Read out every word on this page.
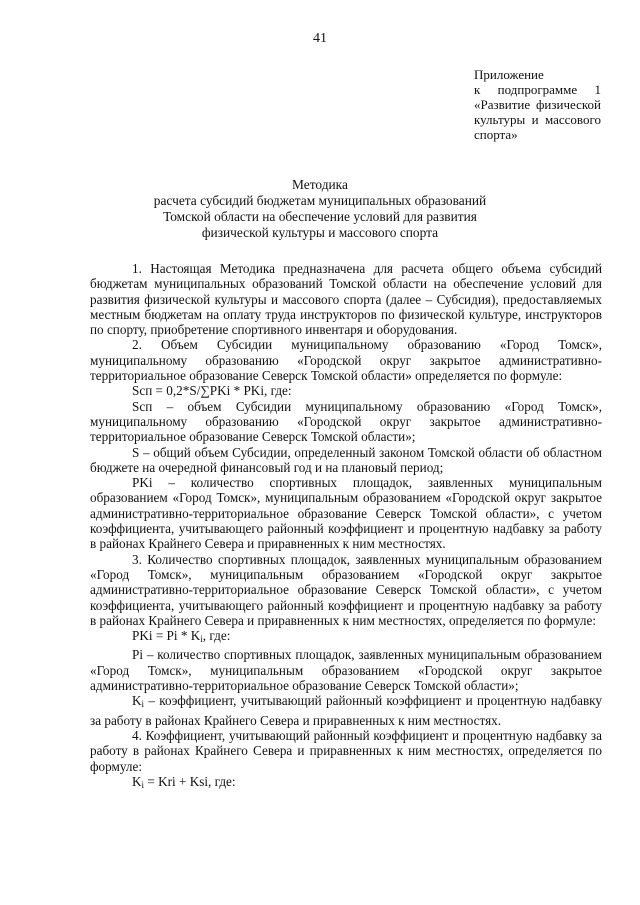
41
Приложение
к подпрограмме 1
«Развитие физической
культуры и массового
спорта»
Методика
расчета субсидий бюджетам муниципальных образований
Томской области на обеспечение условий для развития
физической культуры и массового спорта

1. Настоящая Методика предназначена для расчета общего объема субсидий бюджетам муниципальных образований Томской области на обеспечение условий для развития физической культуры и массового спорта (далее – Субсидия), предоставляемых местным бюджетам на оплату труда инструкторов по физической культуре, инструкторов по спорту, приобретение спортивного инвентаря и оборудования.

2. Объем Субсидии муниципальному образованию «Город Томск», муниципальному образованию «Городской округ закрытое административно-территориальное образование Северск Томской области» определяется по формуле:

Sсп = 0,2*S/∑PKi * PKi, где:

Sсп – объем Субсидии муниципальному образованию «Город Томск», муниципальному образованию «Городской округ закрытое административно-территориальное образование Северск Томской области»;

S – общий объем Субсидии, определенный законом Томской области об областном бюджете на очередной финансовый год и на плановый период;

PKi – количество спортивных площадок, заявленных муниципальным образованием «Город Томск», муниципальным образованием «Городской округ закрытое административно-территориальное образование Северск Томской области», с учетом коэффициента, учитывающего районный коэффициент и процентную надбавку за работу в районах Крайнего Севера и приравненных к ним местностях.

3. Количество спортивных площадок, заявленных муниципальным образованием «Город Томск», муниципальным образованием «Городской округ закрытое административно-территориальное образование Северск Томской области», с учетом коэффициента, учитывающего районный коэффициент и процентную надбавку за работу в районах Крайнего Севера и приравненных к ним местностях, определяется по формуле:

PKi = Pi * $K_i$, где:

Pi – количество спортивных площадок, заявленных муниципальным образованием «Город Томск», муниципальным образованием «Городской округ закрытое административно-территориальное образование Северск Томской области»;

$K_i$ – коэффициент, учитывающий районный коэффициент и процентную надбавку за работу в районах Крайнего Севера и приравненных к ним местностях.

4. Коэффициент, учитывающий районный коэффициент и процентную надбавку за работу в районах Крайнего Севера и приравненных к ним местностях, определяется по формуле:

$K_i$ = Kri + Ksi, где:
